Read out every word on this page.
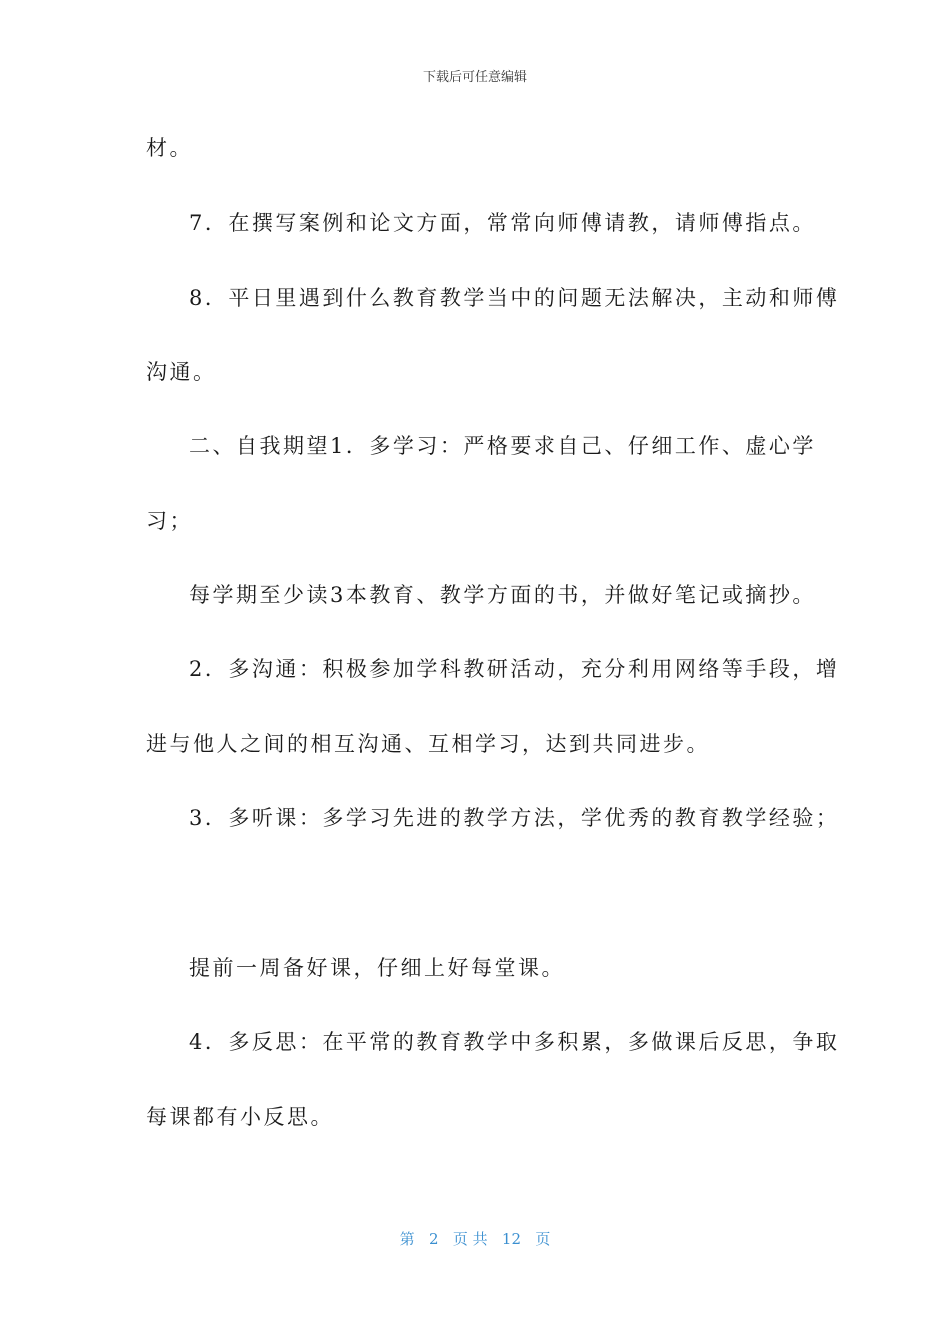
下载后可任意编辑
材。
7．在撰写案例和论文方面，常常向师傅请教，请师傅指点。
8．平日里遇到什么教育教学当中的问题无法解决，主动和师傅
沟通。
二、自我期望1．多学习：严格要求自己、仔细工作、虚心学
习；
每学期至少读3本教育、教学方面的书，并做好笔记或摘抄。
2．多沟通：积极参加学科教研活动，充分利用网络等手段，增
进与他人之间的相互沟通、互相学习，达到共同进步。
3．多听课：多学习先进的教学方法，学优秀的教育教学经验；
提前一周备好课，仔细上好每堂课。
4．多反思：在平常的教育教学中多积累，多做课后反思，争取
每课都有小反思。
第 2 页 共 12 页
